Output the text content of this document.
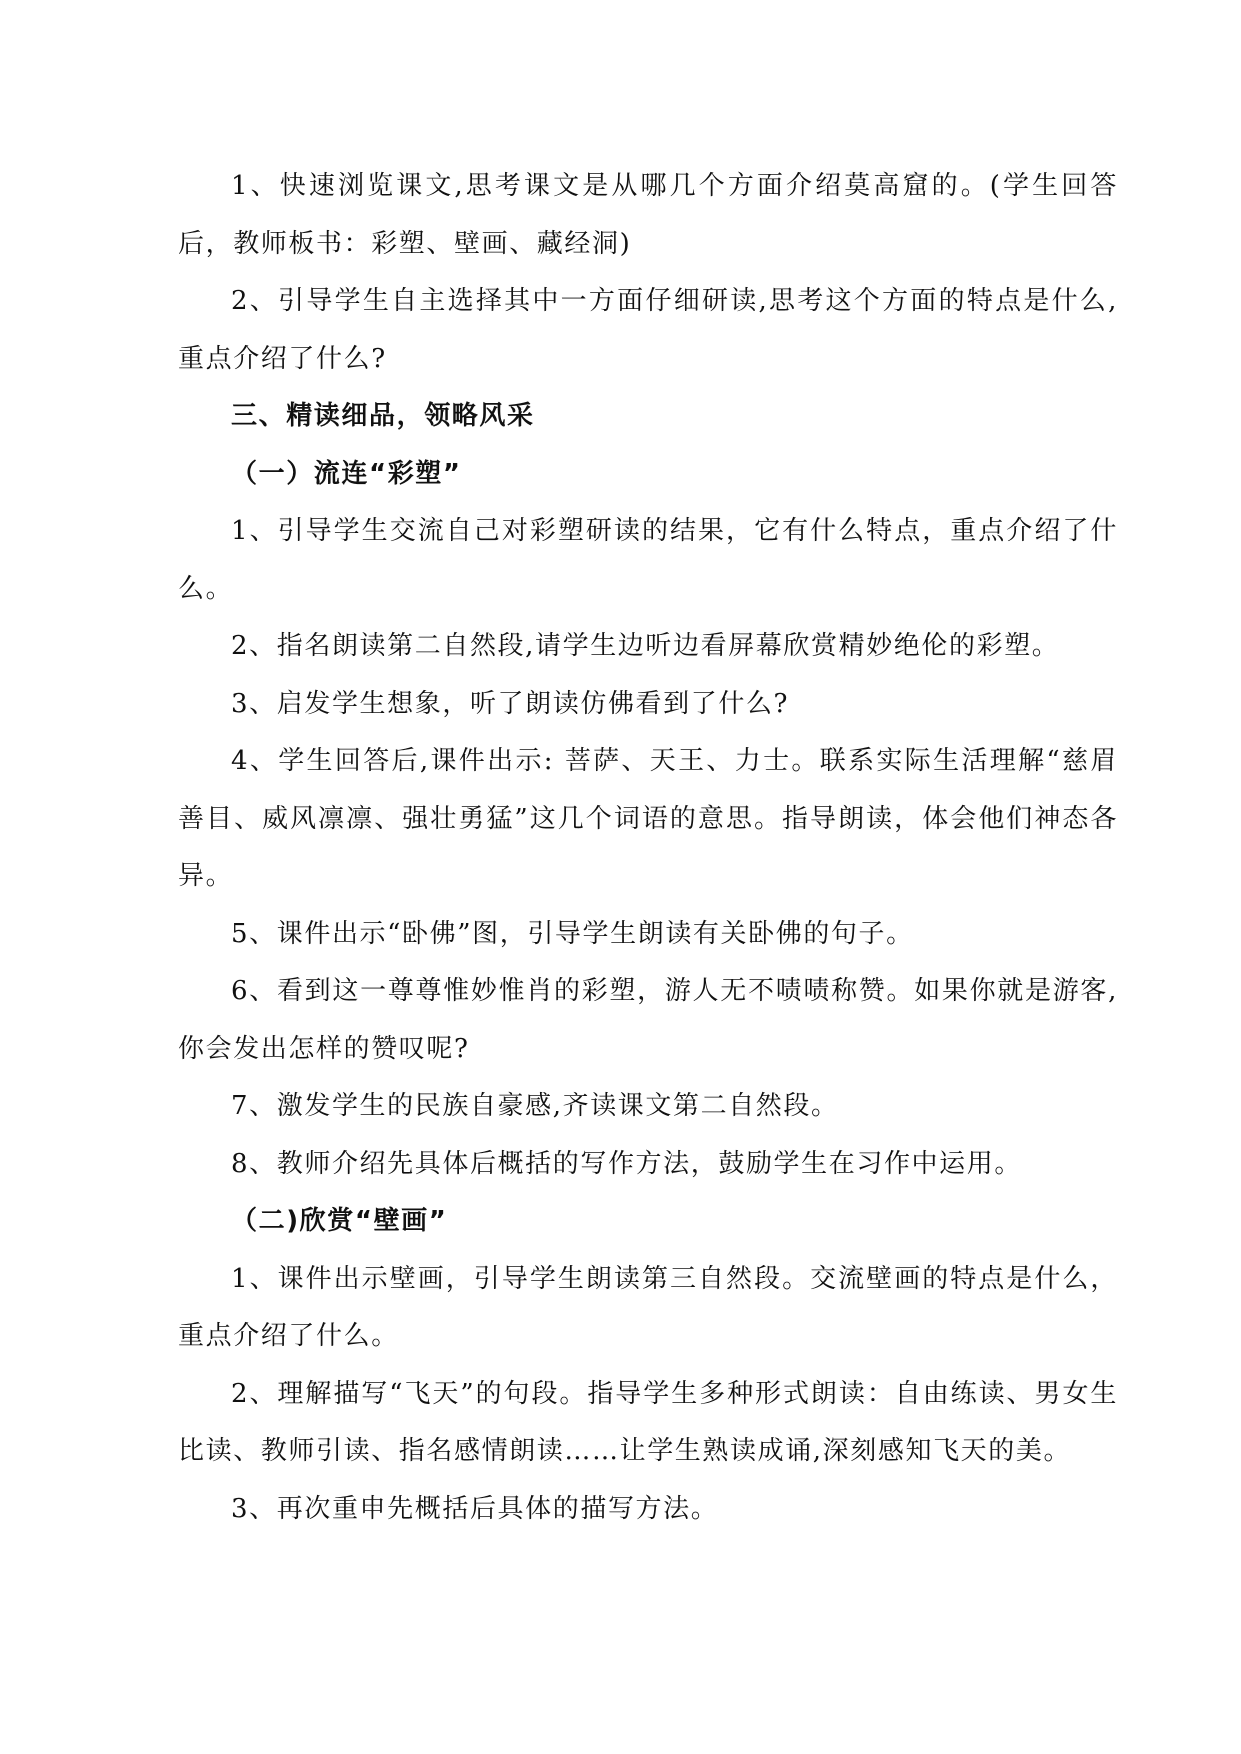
1、快速浏览课文,思考课文是从哪几个方面介绍莫高窟的。(学生回答后，教师板书：彩塑、壁画、藏经洞)

2、引导学生自主选择其中一方面仔细研读,思考这个方面的特点是什么,重点介绍了什么?

三、精读细品，领略风采

（一）流连“彩塑”

1、引导学生交流自己对彩塑研读的结果，它有什么特点，重点介绍了什么。

2、指名朗读第二自然段,请学生边听边看屏幕欣赏精妙绝伦的彩塑。

3、启发学生想象，听了朗读仿佛看到了什么?

4、学生回答后,课件出示: 菩萨、天王、力士。联系实际生活理解“慈眉善目、威风凛凛、强壮勇猛”这几个词语的意思。指导朗读，体会他们神态各异。

5、课件出示“卧佛”图，引导学生朗读有关卧佛的句子。

6、看到这一尊尊惟妙惟肖的彩塑，游人无不啧啧称赞。如果你就是游客,你会发出怎样的赞叹呢?

7、激发学生的民族自豪感,齐读课文第二自然段。

8、教师介绍先具体后概括的写作方法，鼓励学生在习作中运用。

（二)欣赏“壁画”

1、课件出示壁画，引导学生朗读第三自然段。交流壁画的特点是什么，重点介绍了什么。

2、理解描写“飞天”的句段。指导学生多种形式朗读：自由练读、男女生比读、教师引读、指名感情朗读……让学生熟读成诵,深刻感知飞天的美。

3、再次重申先概括后具体的描写方法。
